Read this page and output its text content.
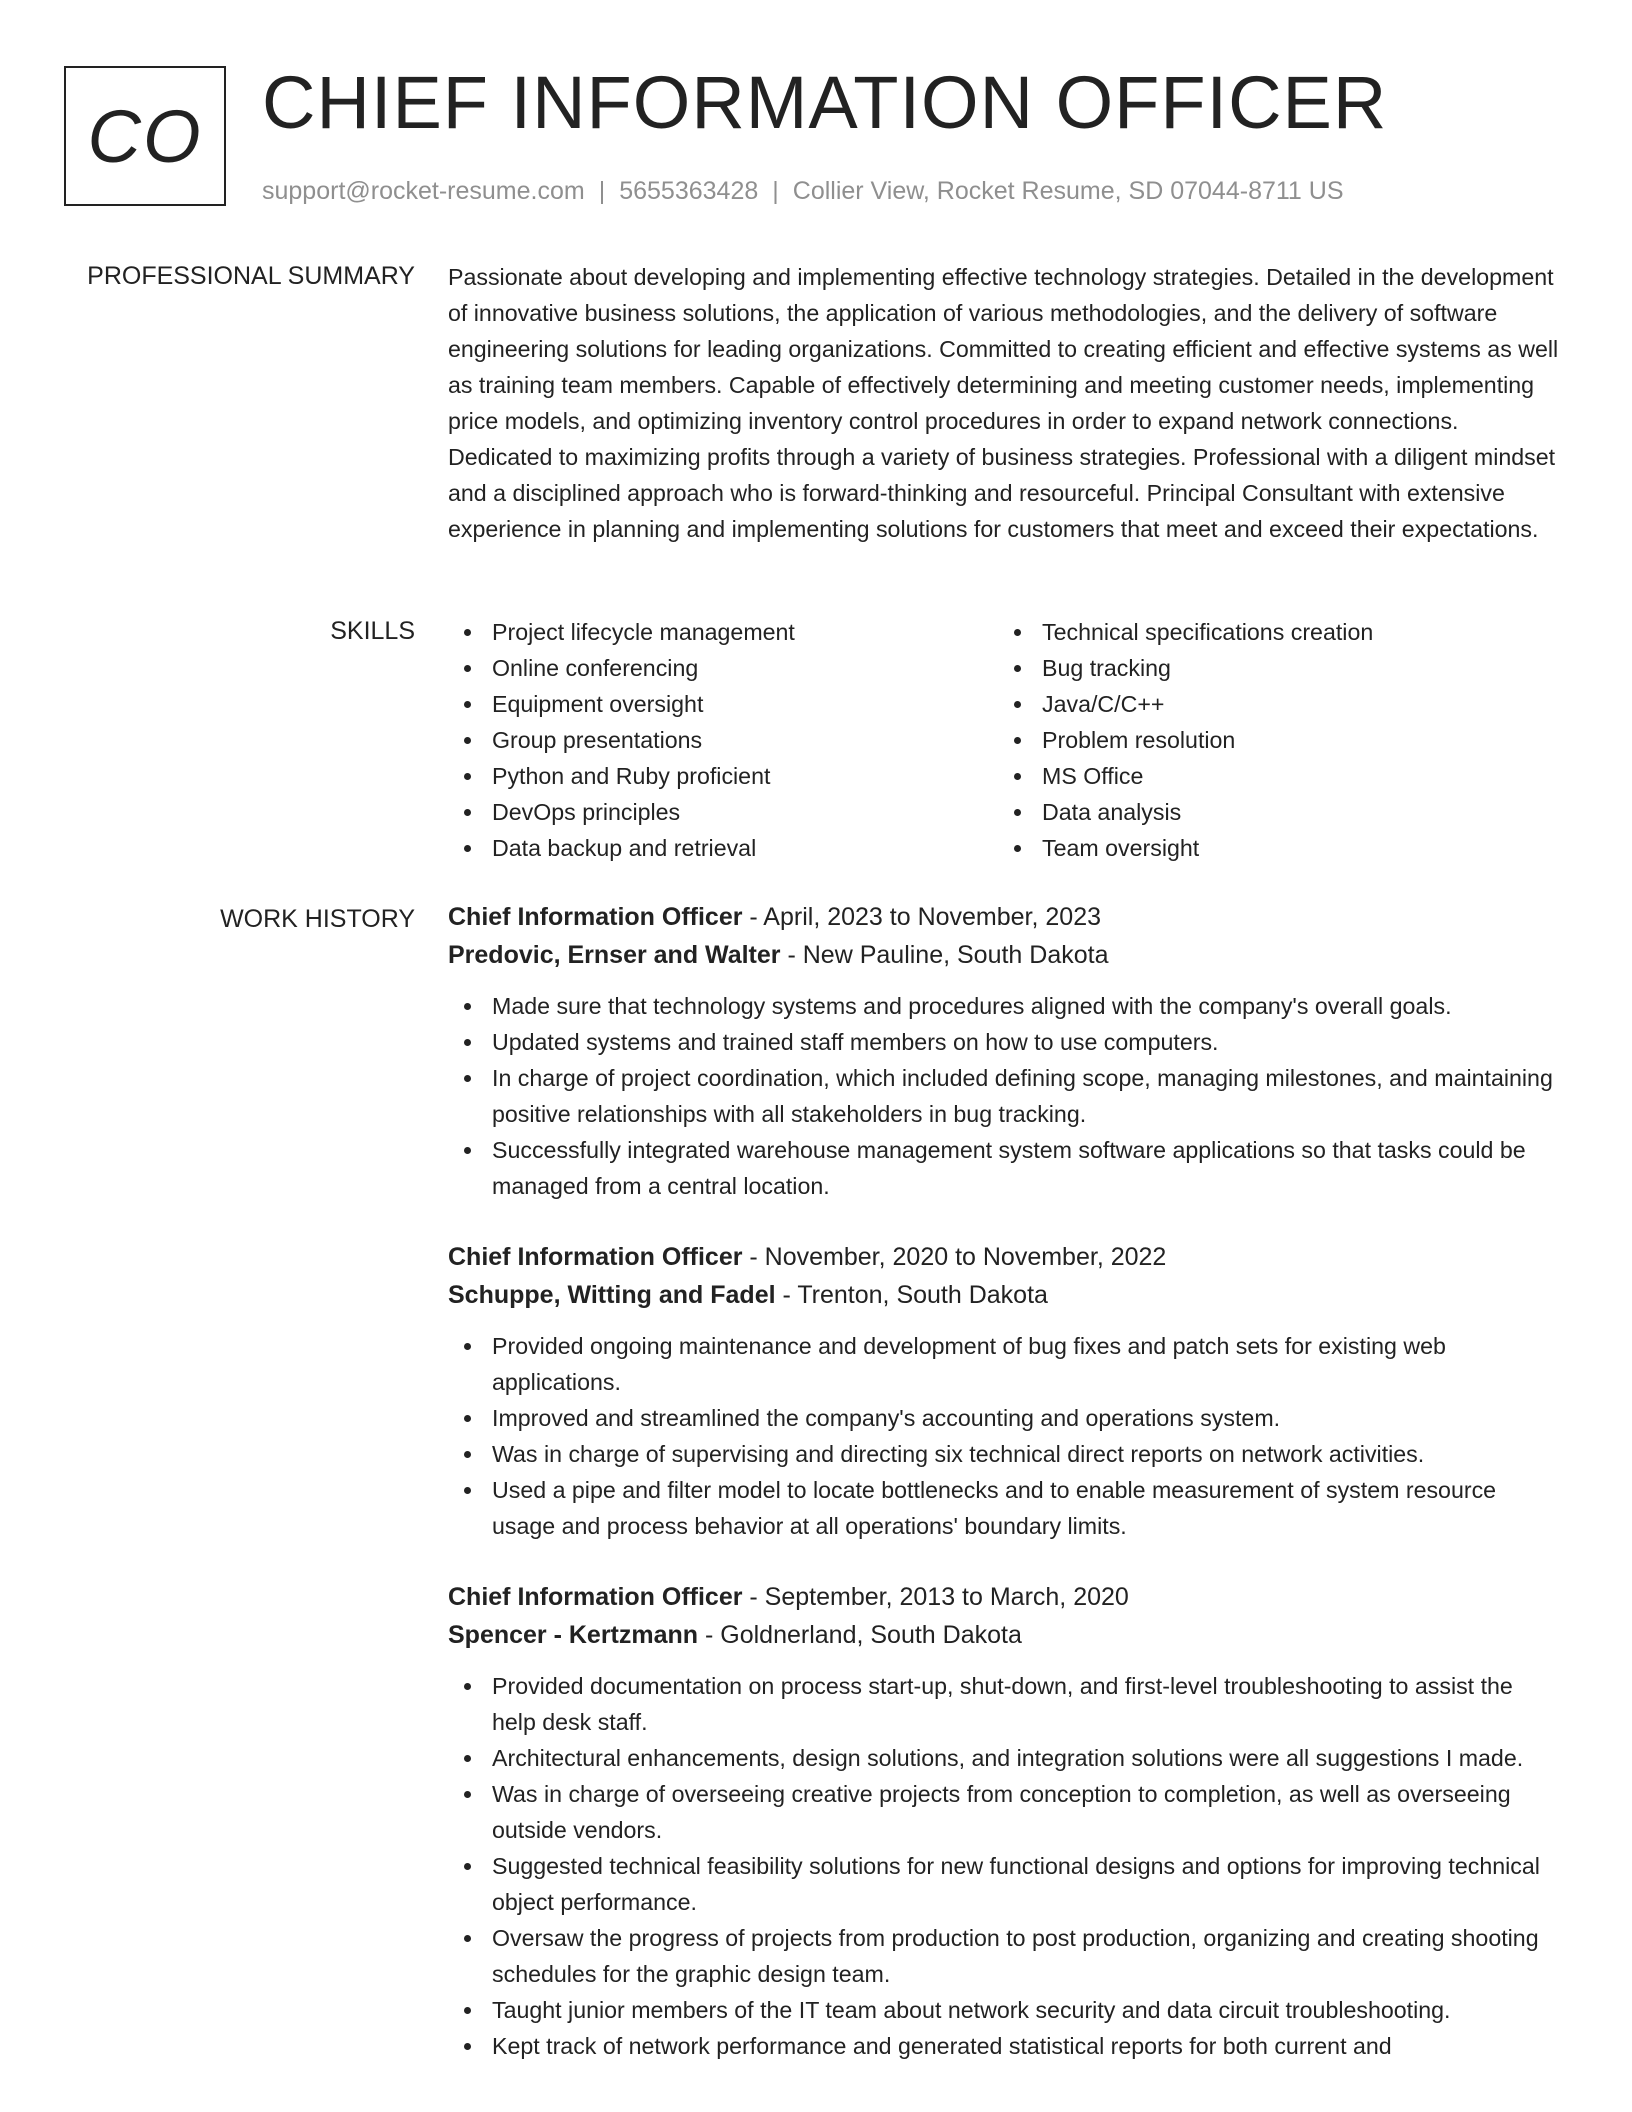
CO CHIEF INFORMATION OFFICER
support@rocket-resume.com | 5655363428 | Collier View, Rocket Resume, SD 07044-8711 US
PROFESSIONAL SUMMARY Passionate about developing and implementing effective technology strategies. Detailed in the development of innovative business solutions, the application of various methodologies, and the delivery of software engineering solutions for leading organizations. Committed to creating efficient and effective systems as well as training team members. Capable of effectively determining and meeting customer needs, implementing price models, and optimizing inventory control procedures in order to expand network connections. Dedicated to maximizing profits through a variety of business strategies. Professional with a diligent mindset and a disciplined approach who is forward-thinking and resourceful. Principal Consultant with extensive experience in planning and implementing solutions for customers that meet and exceed their expectations.

SKILLS	Project lifecycle management
Online conferencing
Equipment oversight
Group presentations
Python and Ruby proficient
DevOps principles
Data backup and retrieval
Technical specifications creation
Bug tracking
Java/C/C++
Problem resolution
MS Office
Data analysis
Team oversight
WORK HISTORY Chief Information Officer - April, 2023 to November, 2023
Predovic, Ernser and Walter - New Pauline, South Dakota
Made sure that technology systems and procedures aligned with the company's overall goals.
Updated systems and trained staff members on how to use computers.
In charge of project coordination, which included defining scope, managing milestones, and maintaining positive relationships with all stakeholders in bug tracking.
Successfully integrated warehouse management system software applications so that tasks could be managed from a central location.
Chief Information Officer - November, 2020 to November, 2022
Schuppe, Witting and Fadel - Trenton, South Dakota
Provided ongoing maintenance and development of bug fixes and patch sets for existing web applications.
Improved and streamlined the company's accounting and operations system.
Was in charge of supervising and directing six technical direct reports on network activities.
Used a pipe and filter model to locate bottlenecks and to enable measurement of system resource usage and process behavior at all operations' boundary limits.
Chief Information Officer - September, 2013 to March, 2020
Spencer - Kertzmann - Goldnerland, South Dakota
Provided documentation on process start-up, shut-down, and first-level troubleshooting to assist the help desk staff.
Architectural enhancements, design solutions, and integration solutions were all suggestions I made.
Was in charge of overseeing creative projects from conception to completion, as well as overseeing outside vendors.
Suggested technical feasibility solutions for new functional designs and options for improving technical object performance.
Oversaw the progress of projects from production to post production, organizing and creating shooting schedules for the graphic design team.
Taught junior members of the IT team about network security and data circuit troubleshooting.
Kept track of network performance and generated statistical reports for both current and
